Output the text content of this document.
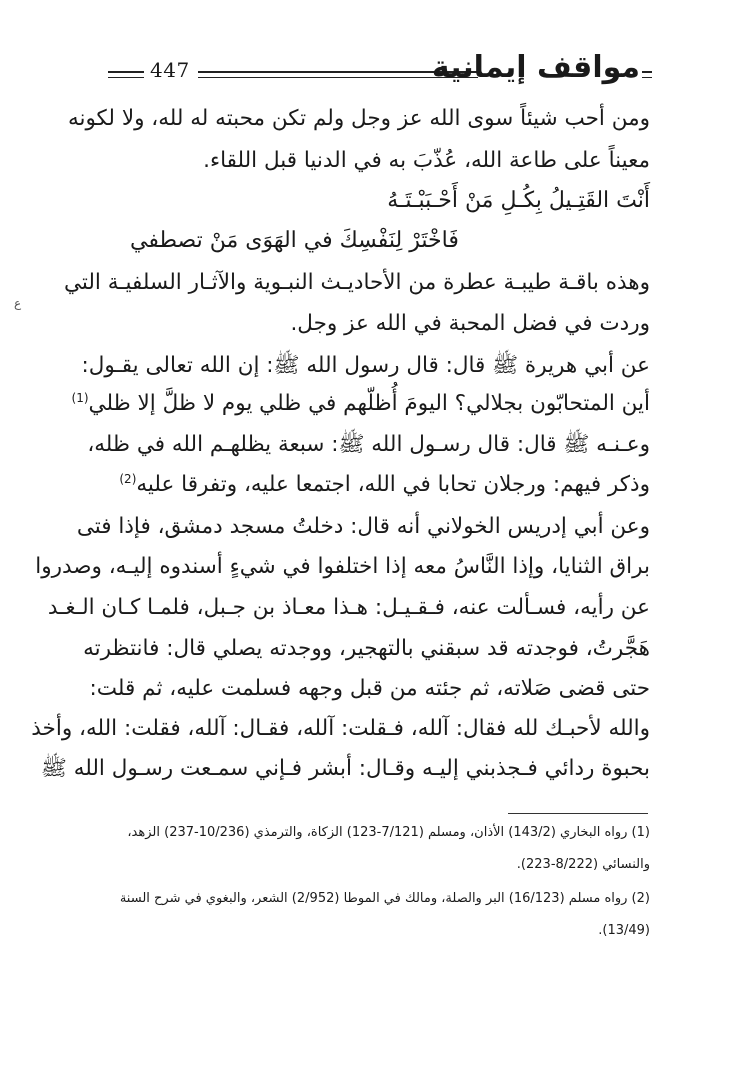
447	مواقف إيمانية
ع
ومن أحب شيئاً سوى الله عز وجل ولم تكن محبته له لله، ولا لكونه
معيناً على طاعة الله، عُذّبَ به في الدنيا قبل اللقاء.
أَنْتَ القَتِـيلُ بِكُـلِ مَنْ أَحْـبَبْـتَـهُ
فَاخْتَرْ لِنَفْسِكَ في الهَوَى مَنْ تصطفي
وهذه باقـة طيبـة عطرة من الأحاديـث النبـوية والآثـار السلفيـة التي
وردت في فضل المحبة في الله عز وجل.
عن أبي هريرة ﷺ قال: قال رسول الله ﷺ: إن الله تعالى يقـول:
أين المتحابّون بجلالي؟ اليومَ أُظلّهم في ظلي يوم لا ظلَّ إلا ظلي$^{(1)}$
وعـنـه ﷺ قال: قال رسـول الله ﷺ: سبعة يظلهـم الله في ظله،
وذكر فيهم: ورجلان تحابا في الله، اجتمعا عليه، وتفرقا عليه$^{(2)}$
وعن أبي إدريس الخولاني أنه قال: دخلتُ مسجد دمشق، فإذا فتى
براق الثنايا، وإذا النَّاسُ معه إذا اختلفوا في شيءٍ أسندوه إليـه، وصدروا
عن رأيه، فسـألت عنه، فـقـيـل: هـذا معـاذ بن جـبل، فلمـا كـان الـغـد
هَجَّرتُ، فوجدته قد سبقني بالتهجير، ووجدته يصلي قال: فانتظرته
حتى قضى صَلاته، ثم جئته من قبل وجهه فسلمت عليه، ثم قلت:
والله لأحبـك لله فقال: آلله، فـقلت: آلله، فقـال: آلله، فقلت: الله، وأخذ
بحبوة ردائي فـجذبني إليـه وقـال: أبشر فـإني سمـعت رسـول الله ﷺ
(1) رواه البخاري (143/2) الأذان، ومسلم (7/121-123) الزكاة، والترمذي (10/236-237) الزهد،
والنسائي (8/222-223).
(2) رواه مسلم (16/123) البر والصلة، ومالك في الموطا (2/952) الشعر، والبغوي في شرح السنة
(13/49).
